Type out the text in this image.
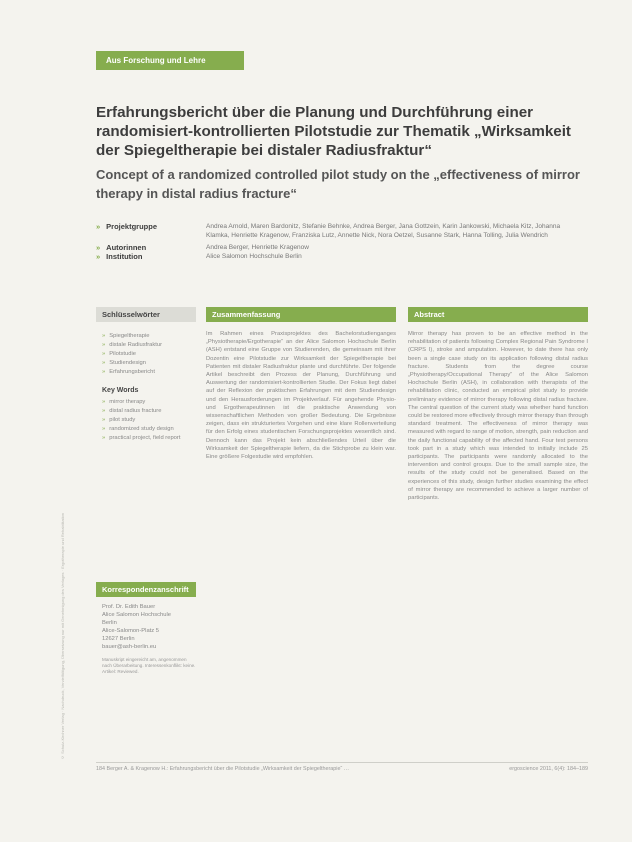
© Schulz-Kirchner Verlag · Nachdruck, Vervielfältigung, Übersetzung nur mit Genehmigung des Verlages · Ergotherapie und Rehabilitation
Aus Forschung und Lehre
Erfahrungsbericht über die Planung und Durchführung einer randomisiert-kontrollierten Pilotstudie zur Thematik „Wirksamkeit der Spiegeltherapie bei distaler Radiusfraktur“
Concept of a randomized controlled pilot study on the „effectiveness of mirror therapy in distal radius fracture“
» Projektgruppe	Andrea Arnold, Maren Bardonitz, Stefanie Behnke, Andrea Berger, Jana Gottzein, Karin Jankowski, Michaela Kitz, Johanna Klamka, Henriette Kragenow, Franziska Lutz, Annette Nick, Nora Oetzel, Susanne Stark, Hanna Tolling, Julia Wendrich
» Autorinnen	Andrea Berger, Henriette Kragenow
» Institution	Alice Salomon Hochschule Berlin
Schlüsselwörter
» Spiegeltherapie
» distale Radiusfraktur
» Pilotstudie
» Studiendesign
» Erfahrungsbericht
Key Words
» mirror therapy
» distal radius fracture
» pilot study
» randomized study design
» practical project, field report
Korrespondenzanschrift
Prof. Dr. Edith Bauer
Alice Salomon Hochschule
Berlin
Alice-Salomon-Platz 5
12627 Berlin
bauer@ash-berlin.eu
Manuskript eingereicht am, angenommen nach Überarbeitung. Interessenkonflikt: keine. Artikel: Reviewed.
Zusammenfassung
Im Rahmen eines Praxisprojektes des Bachelorstudienganges „Physiotherapie/Ergotherapie“ an der Alice Salomon Hochschule Berlin (ASH) entstand eine Gruppe von Studierenden, die gemeinsam mit ihrer Dozentin eine Pilotstudie zur Wirksamkeit der Spiegeltherapie bei Patienten mit distaler Radiusfraktur plante und durchführte. Der folgende Artikel beschreibt den Prozess der Planung, Durchführung und Auswertung der randomisiert-kontrollierten Studie. Der Fokus liegt dabei auf der Reflexion der praktischen Erfahrungen mit dem Studiendesign und den Herausforderungen im Projektverlauf. Für angehende Physio- und Ergotherapeutinnen ist die praktische Anwendung von wissenschaftlichen Methoden von großer Bedeutung. Die Ergebnisse zeigen, dass ein strukturiertes Vorgehen und eine klare Rollenverteilung für den Erfolg eines studentischen Forschungsprojektes wesentlich sind. Dennoch kann das Projekt kein abschließendes Urteil über die Wirksamkeit der Spiegeltherapie liefern, da die Stichprobe zu klein war. Eine größere Folgestudie wird empfohlen.
Abstract
Mirror therapy has proven to be an effective method in the rehabilitation of patients following Complex Regional Pain Syndrome I (CRPS I), stroke and amputation. However, to date there has only been a single case study on its application following distal radius fracture. Students from the degree course „Physiotherapy/Occupational Therapy“ of the Alice Salomon Hochschule Berlin (ASH), in collaboration with therapists of the rehabilitation clinic, conducted an empirical pilot study to provide preliminary evidence of mirror therapy following distal radius fracture. The central question of the current study was whether hand function could be restored more effectively through mirror therapy than through standard treatment. The effectiveness of mirror therapy was measured with regard to range of motion, strength, pain reduction and the daily functional capability of the affected hand. Four test persons took part in a study which was intended to initially include 25 participants. The participants were randomly allocated to the intervention and control groups. Due to the small sample size, the results of the study could not be generalised. Based on the experiences of this study, design further studies examining the effect of mirror therapy are recommended to achieve a larger number of participants.
184 Berger A. & Kragenow H.: Erfahrungsbericht über die Pilotstudie „Wirksamkeit der Spiegeltherapie“ …	ergoscience 2011, 6(4): 184–189
